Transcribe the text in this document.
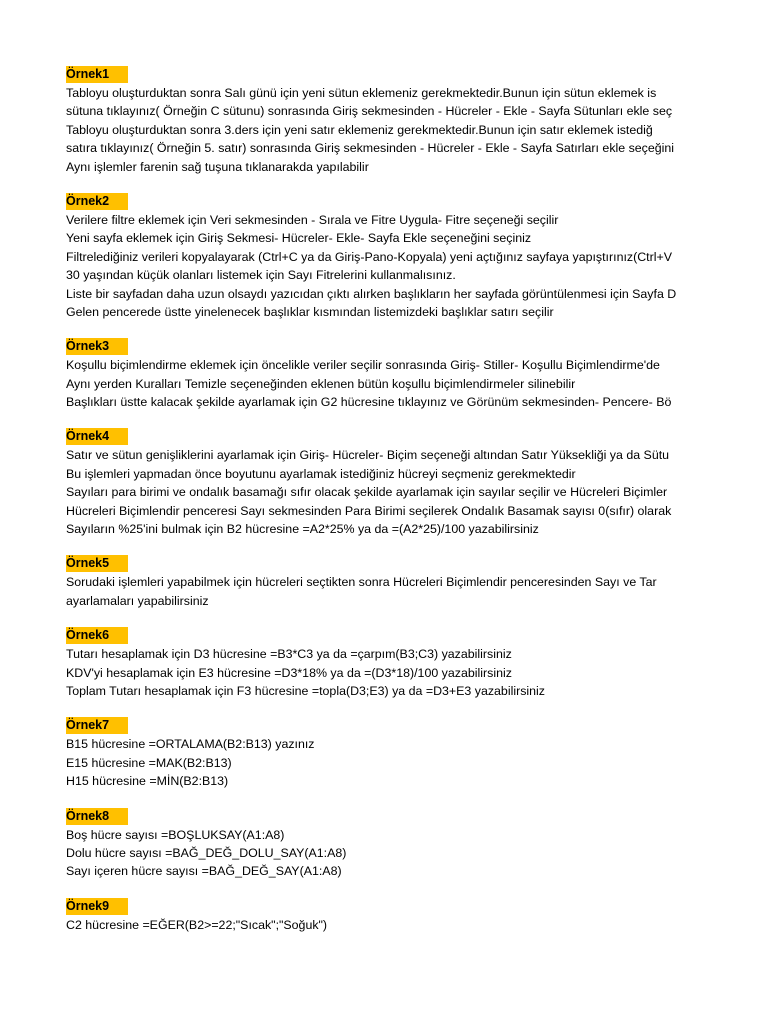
Örnek1
Tabloyu oluşturduktan sonra Salı günü için yeni sütun eklemeniz gerekmektedir.Bunun için sütun eklemek is
sütuna tıklayınız( Örneğin C sütunu) sonrasında Giriş sekmesinden - Hücreler - Ekle - Sayfa Sütunları ekle seç
Tabloyu oluşturduktan sonra 3.ders için yeni satır eklemeniz gerekmektedir.Bunun için satır eklemek istediğ
satıra tıklayınız( Örneğin 5. satır) sonrasında Giriş sekmesinden - Hücreler - Ekle - Sayfa Satırları ekle seçeğini
Aynı işlemler farenin sağ tuşuna tıklanarakda yapılabilir
Örnek2
Verilere filtre eklemek için Veri sekmesinden - Sırala ve Fitre Uygula- Fitre seçeneği seçilir
Yeni sayfa eklemek için Giriş Sekmesi- Hücreler- Ekle- Sayfa Ekle seçeneğini seçiniz
Filtrelediğiniz verileri kopyalayarak (Ctrl+C ya da Giriş-Pano-Kopyala) yeni açtığınız sayfaya yapıştırınız(Ctrl+V
30 yaşından küçük olanları listemek için Sayı Fitrelerini kullanmalısınız.
Liste bir sayfadan daha uzun olsaydı yazıcıdan çıktı alırken başlıkların her sayfada görüntülenmesi için Sayfa D
Gelen pencerede üstte yinelenecek başlıklar kısmından listemizdeki başlıklar satırı seçilir
Örnek3
Koşullu biçimlendirme eklemek için öncelikle veriler seçilir sonrasında Giriş- Stiller- Koşullu Biçimlendirme'de
Aynı yerden Kuralları Temizle seçeneğinden eklenen bütün koşullu biçimlendirmeler silinebilir
Başlıkları üstte kalacak şekilde ayarlamak için G2 hücresine tıklayınız ve Görünüm sekmesinden- Pencere- Bö
Örnek4
Satır ve sütun genişliklerini ayarlamak için Giriş- Hücreler- Biçim seçeneği altından Satır Yüksekliği ya da Sütu
Bu işlemleri yapmadan önce boyutunu ayarlamak istediğiniz hücreyi seçmeniz gerekmektedir
Sayıları para birimi ve ondalık basamağı sıfır olacak şekilde ayarlamak için sayılar seçilir ve Hücreleri Biçimler
Hücreleri Biçimlendir penceresi Sayı sekmesinden Para Birimi seçilerek Ondalık Basamak sayısı 0(sıfır) olarak
Sayıların %25'ini bulmak için B2 hücresine =A2*25% ya da =(A2*25)/100 yazabilirsiniz
Örnek5
Sorudaki işlemleri yapabilmek için hücreleri seçtikten sonra Hücreleri Biçimlendir penceresinden Sayı ve Tar
ayarlamaları yapabilirsiniz
Örnek6
Tutarı hesaplamak için D3 hücresine =B3*C3 ya da =çarpım(B3;C3) yazabilirsiniz
KDV'yi hesaplamak için E3 hücresine =D3*18% ya da =(D3*18)/100 yazabilirsiniz
Toplam Tutarı hesaplamak için F3 hücresine =topla(D3;E3) ya da =D3+E3 yazabilirsiniz
Örnek7
B15 hücresine =ORTALAMA(B2:B13) yazınız
E15 hücresine =MAK(B2:B13)
H15 hücresine =MİN(B2:B13)
Örnek8
Boş hücre sayısı =BOŞLUKSAY(A1:A8)
Dolu hücre sayısı =BAĞ_DEĞ_DOLU_SAY(A1:A8)
Sayı içeren hücre sayısı =BAĞ_DEĞ_SAY(A1:A8)
Örnek9
C2 hücresine =EĞER(B2>=22;"Sıcak";"Soğuk")
